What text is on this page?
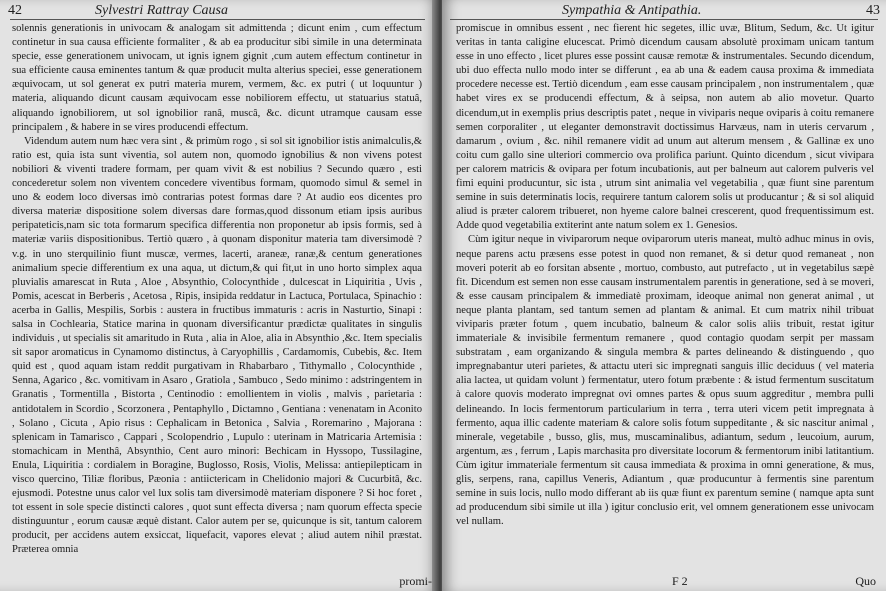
42	Sylvestri Rattray Causa

solennis generationis in univocam & analogam sit admittenda ; dicunt enim , cum effectum continetur in sua causa efficiente formaliter , & ab ea producitur sibi simile in una determinata specie, esse generationem univocam, ut ignis ignem gignit ,cum autem effectum continetur in sua efficiente causa eminentes tantum & quæ producit multa alterius speciei, esse generationem æquivocam, ut sol generat ex putri materia murem, vermem, &c. ex putri ( ut loquuntur ) materia, aliquando dicunt causam æquivocam esse nobiliorem effectu, ut statuarius statuâ, aliquando ignobiliorem, ut sol ignobilior ranâ, muscâ, &c. dicunt utramque causam esse principalem , & habere in se vires producendi effectum.

Videndum autem num hæc vera sint , & primùm rogo , si sol sit ignobilior istis animalculis,& ratio est, quia ista sunt viventia, sol autem non, quomodo ignobilius & non vivens potest nobiliori & viventi tradere formam, per quam vivit & est nobilius ? Secundo quæro , esti concederetur solem non viventem concedere viventibus formam, quomodo simul & semel in uno & eodem loco diversas imò contrarias potest formas dare ? At audio eos dicentes pro diversa materiæ dispositione solem diversas dare formas,quod dissonum etiam ipsis auribus peripateticis,nam sic tota formarum specifica differentia non proponetur ab ipsis formis, sed à materiæ variis dispositionibus. Tertiò quæro , à quonam disponitur materia tam diversimodè ? v.g. in uno sterquilinio fiunt muscæ, vermes, lacerti, araneæ, ranæ,& centum generationes animalium specie differentium ex una aqua, ut dictum,& qui fit,ut in uno horto simplex aqua pluvialis amarescat in Ruta , Aloe , Absynthio, Colocynthide , dulcescat in Liquiritia , Uvis , Pomis, acescat in Berberis , Acetosa , Ripis, insipida reddatur in Lactuca, Portulaca, Spinachio : acerba in Gallis, Mespilis, Sorbis : austera in fructibus immaturis : acris in Nasturtio, Sinapi : salsa in Cochlearia, Statice marina in quonam diversificantur prædictæ qualitates in singulis individuis , ut specialis sit amaritudo in Ruta , alia in Aloe, alia in Absynthio ,&c. Item specialis sit sapor aromaticus in Cynamomo distinctus, à Caryophillis , Cardamomis, Cubebis, &c. Item quid est , quod aquam istam reddit purgativam in Rhabarbaro , Tithymallo , Colocynthide , Senna, Agarico , &c. vomitivam in Asaro , Gratiola , Sambuco , Sedo minimo : adstringentem in Granatis , Tormentilla , Bistorta , Centinodio : emollientem in violis , malvis , parietaria : antidotalem in Scordio , Scorzonera , Pentaphyllo , Dictamno , Gentiana : venenatam in Aconito , Solano , Cicuta , Apio risus : Cephalicam in Betonica , Salvia , Roremarino , Majorana : splenicam in Tamarisco , Cappari , Scolopendrio , Lupulo : uterinam in Matricaria Artemisia : stomachicam in Menthâ, Absynthio, Cent auro minori: Bechicam in Hyssopo, Tussilagine, Enula, Liquiritia : cordialem in Boragine, Buglosso, Rosis, Violis, Melissa: antiepilepticam in visco quercino, Tiliæ floribus, Pæonia : antiictericam in Chelidonio majori & Cucurbitâ, &c. ejusmodi. Potestne unus calor vel lux solis tam diversimodè materiam disponere ? Si hoc foret , tot essent in sole specie distincti calores , quot sunt effecta diversa ; nam quorum effecta specie distinguuntur , eorum causæ æquè distant. Calor autem per se, quicunque is sit, tantum calorem producit, per accidens autem exsiccat, liquefacit, vapores elevat ; aliud autem nihil præstat. Præterea omnia

promi-
Sympathia & Antipathia.	43

promiscue in omnibus essent , nec fierent hic segetes, illic uvæ, Blitum, Sedum, &c. Ut igitur veritas in tanta caligine elucescat. Primò dicendum causam absolutè proximam unicam tantum esse in uno effecto , licet plures esse possint causæ remotæ & instrumentales. Secundo dicendum, ubi duo effecta nullo modo inter se differunt , ea ab una & eadem causa proxima & immediata procedere necesse est. Tertiò dicendum , eam esse causam principalem , non instrumentalem , quæ habet vires ex se producendi effectum, & à seipsa, non autem ab alio movetur. Quarto dicendum,ut in exemplis prius descriptis patet , neque in viviparis neque oviparis à coitu remanere semen corporaliter , ut eleganter demonstravit doctissimus Harvæus, nam in uteris cervarum , damarum , ovium , &c. nihil remanere vidit ad unum aut alterum mensem , & Gallinæ ex uno coitu cum gallo sine ulteriori commercio ova prolifica pariunt. Quinto dicendum , sicut vivipara per calorem matricis & ovipara per fotum incubationis, aut per balneum aut calorem pulveris vel fimi equini producuntur, sic ista , utrum sint animalia vel vegetabilia , quæ fiunt sine parentum semine in suis determinatis locis, requirere tantum calorem solis ut producantur ; & si sol aliquid aliud is præter calorem tribueret, non hyeme calore balnei crescerent, quod frequentissimum est. Adde quod vegetabilia extiterint ante natum solem ex 1. Genesios.

Cùm igitur neque in viviparorum neque oviparorum uteris maneat, multò adhuc minus in ovis, neque parens actu præsens esse potest in quod non remanet, & si detur quod remaneat , non moveri poterit ab eo forsitan absente , mortuo, combusto, aut putrefacto , ut in vegetabilus sæpè fit. Dicendum est semen non esse causam instrumentalem parentis in generatione, sed à se moveri, & esse causam principalem & immediatè proximam, ideoque animal non generat animal , ut neque planta plantam, sed tantum semen ad plantam & animal. Et cum matrix nihil tribuat viviparis præter fotum , quem incubatio, balneum & calor solis aliis tribuit, restat igitur immateriale & invisibile fermentum remanere , quod contagio quodam serpit per massam substratam , eam organizando & singula membra & partes delineando & distinguendo , quo impregnabantur uteri parietes, & attactu uteri sic impregnati sanguis illic deciduus ( vel materia alia lactea, ut quidam volunt ) fermentatur, utero fotum præbente : & istud fermentum suscitatum à calore quovis moderato impregnat ovi omnes partes & opus suum aggreditur , membra pulli delineando. In locis fermentorum particularium in terra , terra uteri vicem petit impregnata à fermento, aqua illic cadente materiam & calore solis fotum suppeditante , & sic nascitur animal , minerale, vegetabile , busso, glis, mus, muscaminalibus, adiantum, sedum , leucoium, aurum, argentum, æs , ferrum , Lapis marchasita pro diversitate locorum & fermentorum inibi latitantium. Cùm igitur immateriale fermentum sit causa immediata & proxima in omni generatione, & mus, glis, serpens, rana, capillus Veneris, Adiantum , quæ producuntur à fermentis sine parentum semine in suis locis, nullo modo differant ab iis quæ fiunt ex parentum semine ( namque apta sunt ad producendum sibi simile ut illa ) igitur conclusio erit, vel omnem generationem esse univocam vel nullam.

F 2	Quo
